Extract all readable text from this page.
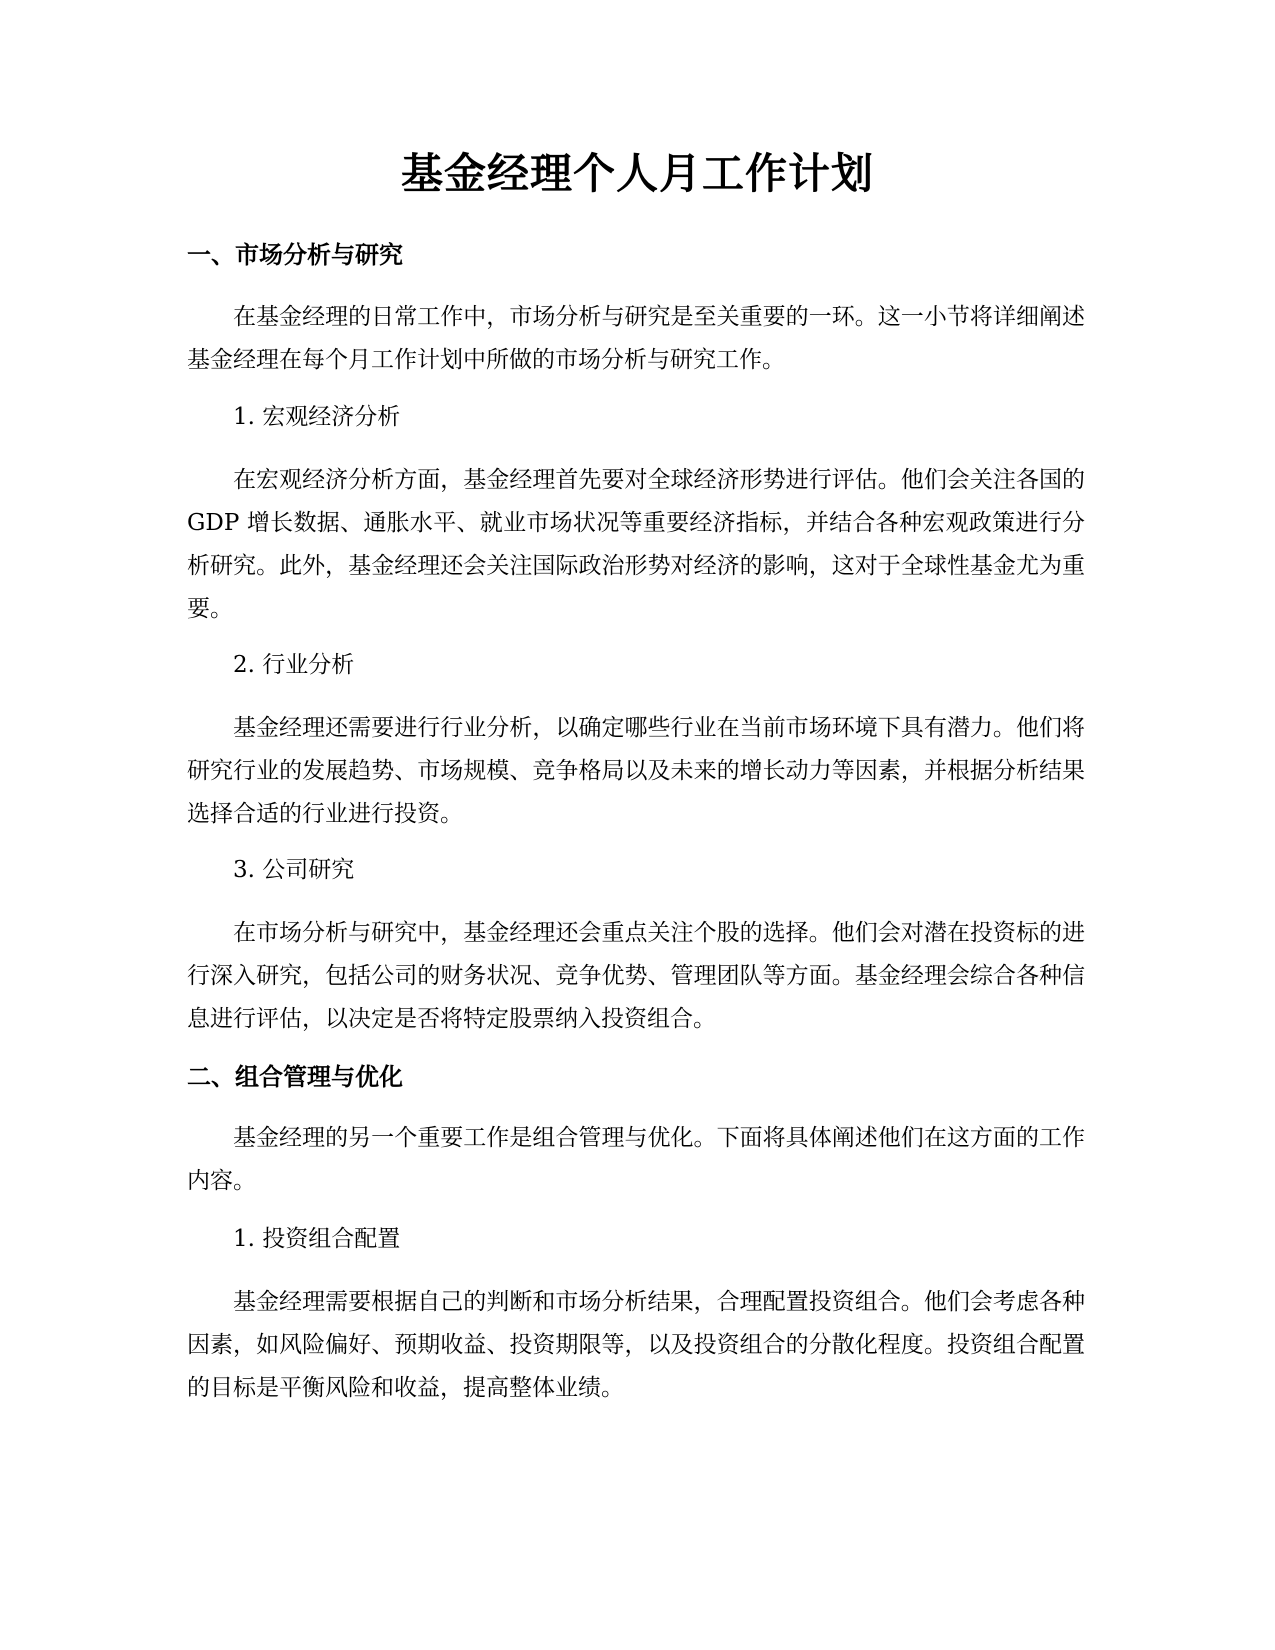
基金经理个人月工作计划
一、市场分析与研究

在基金经理的日常工作中，市场分析与研究是至关重要的一环。这一小节将详细阐述基金经理在每个月工作计划中所做的市场分析与研究工作。

1. 宏观经济分析

在宏观经济分析方面，基金经理首先要对全球经济形势进行评估。他们会关注各国的 GDP 增长数据、通胀水平、就业市场状况等重要经济指标，并结合各种宏观政策进行分析研究。此外，基金经理还会关注国际政治形势对经济的影响，这对于全球性基金尤为重要。

2. 行业分析

基金经理还需要进行行业分析，以确定哪些行业在当前市场环境下具有潜力。他们将研究行业的发展趋势、市场规模、竞争格局以及未来的增长动力等因素，并根据分析结果选择合适的行业进行投资。

3. 公司研究

在市场分析与研究中，基金经理还会重点关注个股的选择。他们会对潜在投资标的进行深入研究，包括公司的财务状况、竞争优势、管理团队等方面。基金经理会综合各种信息进行评估，以决定是否将特定股票纳入投资组合。

二、组合管理与优化

基金经理的另一个重要工作是组合管理与优化。下面将具体阐述他们在这方面的工作内容。

1. 投资组合配置

基金经理需要根据自己的判断和市场分析结果，合理配置投资组合。他们会考虑各种因素，如风险偏好、预期收益、投资期限等，以及投资组合的分散化程度。投资组合配置的目标是平衡风险和收益，提高整体业绩。
